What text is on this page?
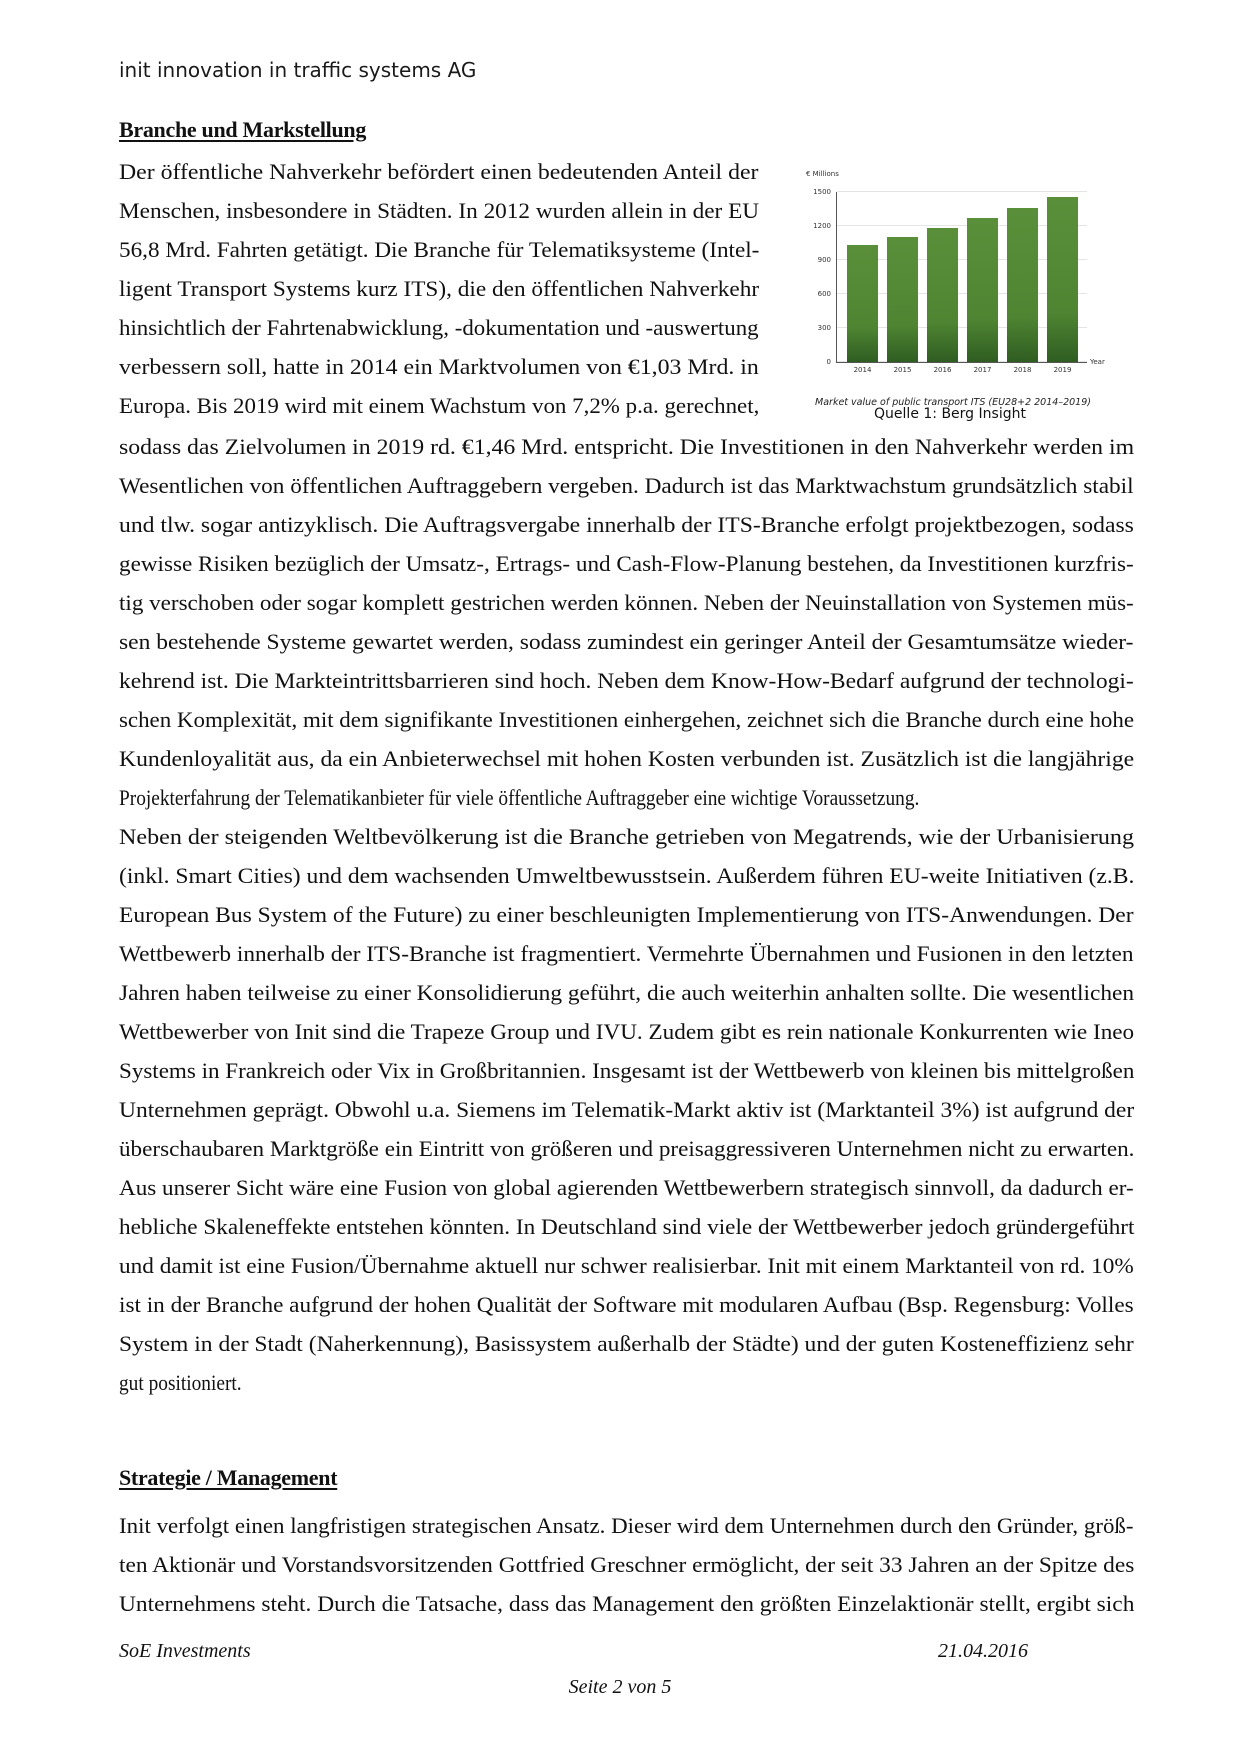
init innovation in traffic systems AG
Branche und Markstellung
Der öffentliche Nahverkehr befördert einen bedeutenden Anteil der
Menschen, insbesondere in Städten. In 2012 wurden allein in der EU
56,8 Mrd. Fahrten getätigt. Die Branche für Telematiksysteme (Intel-
ligent Transport Systems kurz ITS), die den öffentlichen Nahverkehr
hinsichtlich der Fahrtenabwicklung, -dokumentation und -auswertung
verbessern soll, hatte in 2014 ein Marktvolumen von €1,03 Mrd. in
Europa. Bis 2019 wird mit einem Wachstum von 7,2% p.a. gerechnet,
€ Millions
0
300
600
900
1200
1500
2014	2015	2016	2017	2018	2019
Year
Market value of public transport ITS (EU28+2 2014–2019)
Quelle 1: Berg Insight
sodass das Zielvolumen in 2019 rd. €1,46 Mrd. entspricht. Die Investitionen in den Nahverkehr werden im
Wesentlichen von öffentlichen Auftraggebern vergeben. Dadurch ist das Marktwachstum grundsätzlich stabil
und tlw. sogar antizyklisch. Die Auftragsvergabe innerhalb der ITS-Branche erfolgt projektbezogen, sodass
gewisse Risiken bezüglich der Umsatz-, Ertrags- und Cash-Flow-Planung bestehen, da Investitionen kurzfris-
tig verschoben oder sogar komplett gestrichen werden können. Neben der Neuinstallation von Systemen müs-
sen bestehende Systeme gewartet werden, sodass zumindest ein geringer Anteil der Gesamtumsätze wieder-
kehrend ist. Die Markteintrittsbarrieren sind hoch. Neben dem Know-How-Bedarf aufgrund der technologi-
schen Komplexität, mit dem signifikante Investitionen einhergehen, zeichnet sich die Branche durch eine hohe
Kundenloyalität aus, da ein Anbieterwechsel mit hohen Kosten verbunden ist. Zusätzlich ist die langjährige
Projekterfahrung der Telematikanbieter für viele öffentliche Auftraggeber eine wichtige Voraussetzung.
Neben der steigenden Weltbevölkerung ist die Branche getrieben von Megatrends, wie der Urbanisierung
(inkl. Smart Cities) und dem wachsenden Umweltbewusstsein. Außerdem führen EU-weite Initiativen (z.B.
European Bus System of the Future) zu einer beschleunigten Implementierung von ITS-Anwendungen. Der
Wettbewerb innerhalb der ITS-Branche ist fragmentiert. Vermehrte Übernahmen und Fusionen in den letzten
Jahren haben teilweise zu einer Konsolidierung geführt, die auch weiterhin anhalten sollte. Die wesentlichen
Wettbewerber von Init sind die Trapeze Group und IVU. Zudem gibt es rein nationale Konkurrenten wie Ineo
Systems in Frankreich oder Vix in Großbritannien. Insgesamt ist der Wettbewerb von kleinen bis mittelgroßen
Unternehmen geprägt. Obwohl u.a. Siemens im Telematik-Markt aktiv ist (Marktanteil 3%) ist aufgrund der
überschaubaren Marktgröße ein Eintritt von größeren und preisaggressiveren Unternehmen nicht zu erwarten.
Aus unserer Sicht wäre eine Fusion von global agierenden Wettbewerbern strategisch sinnvoll, da dadurch er-
hebliche Skaleneffekte entstehen könnten. In Deutschland sind viele der Wettbewerber jedoch gründergeführt
und damit ist eine Fusion/Übernahme aktuell nur schwer realisierbar. Init mit einem Marktanteil von rd. 10%
ist in der Branche aufgrund der hohen Qualität der Software mit modularen Aufbau (Bsp. Regensburg: Volles
System in der Stadt (Naherkennung), Basissystem außerhalb der Städte) und der guten Kosteneffizienz sehr
gut positioniert.
Strategie / Management
Init verfolgt einen langfristigen strategischen Ansatz. Dieser wird dem Unternehmen durch den Gründer, größ-
ten Aktionär und Vorstandsvorsitzenden Gottfried Greschner ermöglicht, der seit 33 Jahren an der Spitze des
Unternehmens steht. Durch die Tatsache, dass das Management den größten Einzelaktionär stellt, ergibt sich
SoE Investments	21.04.2016
Seite 2 von 5
